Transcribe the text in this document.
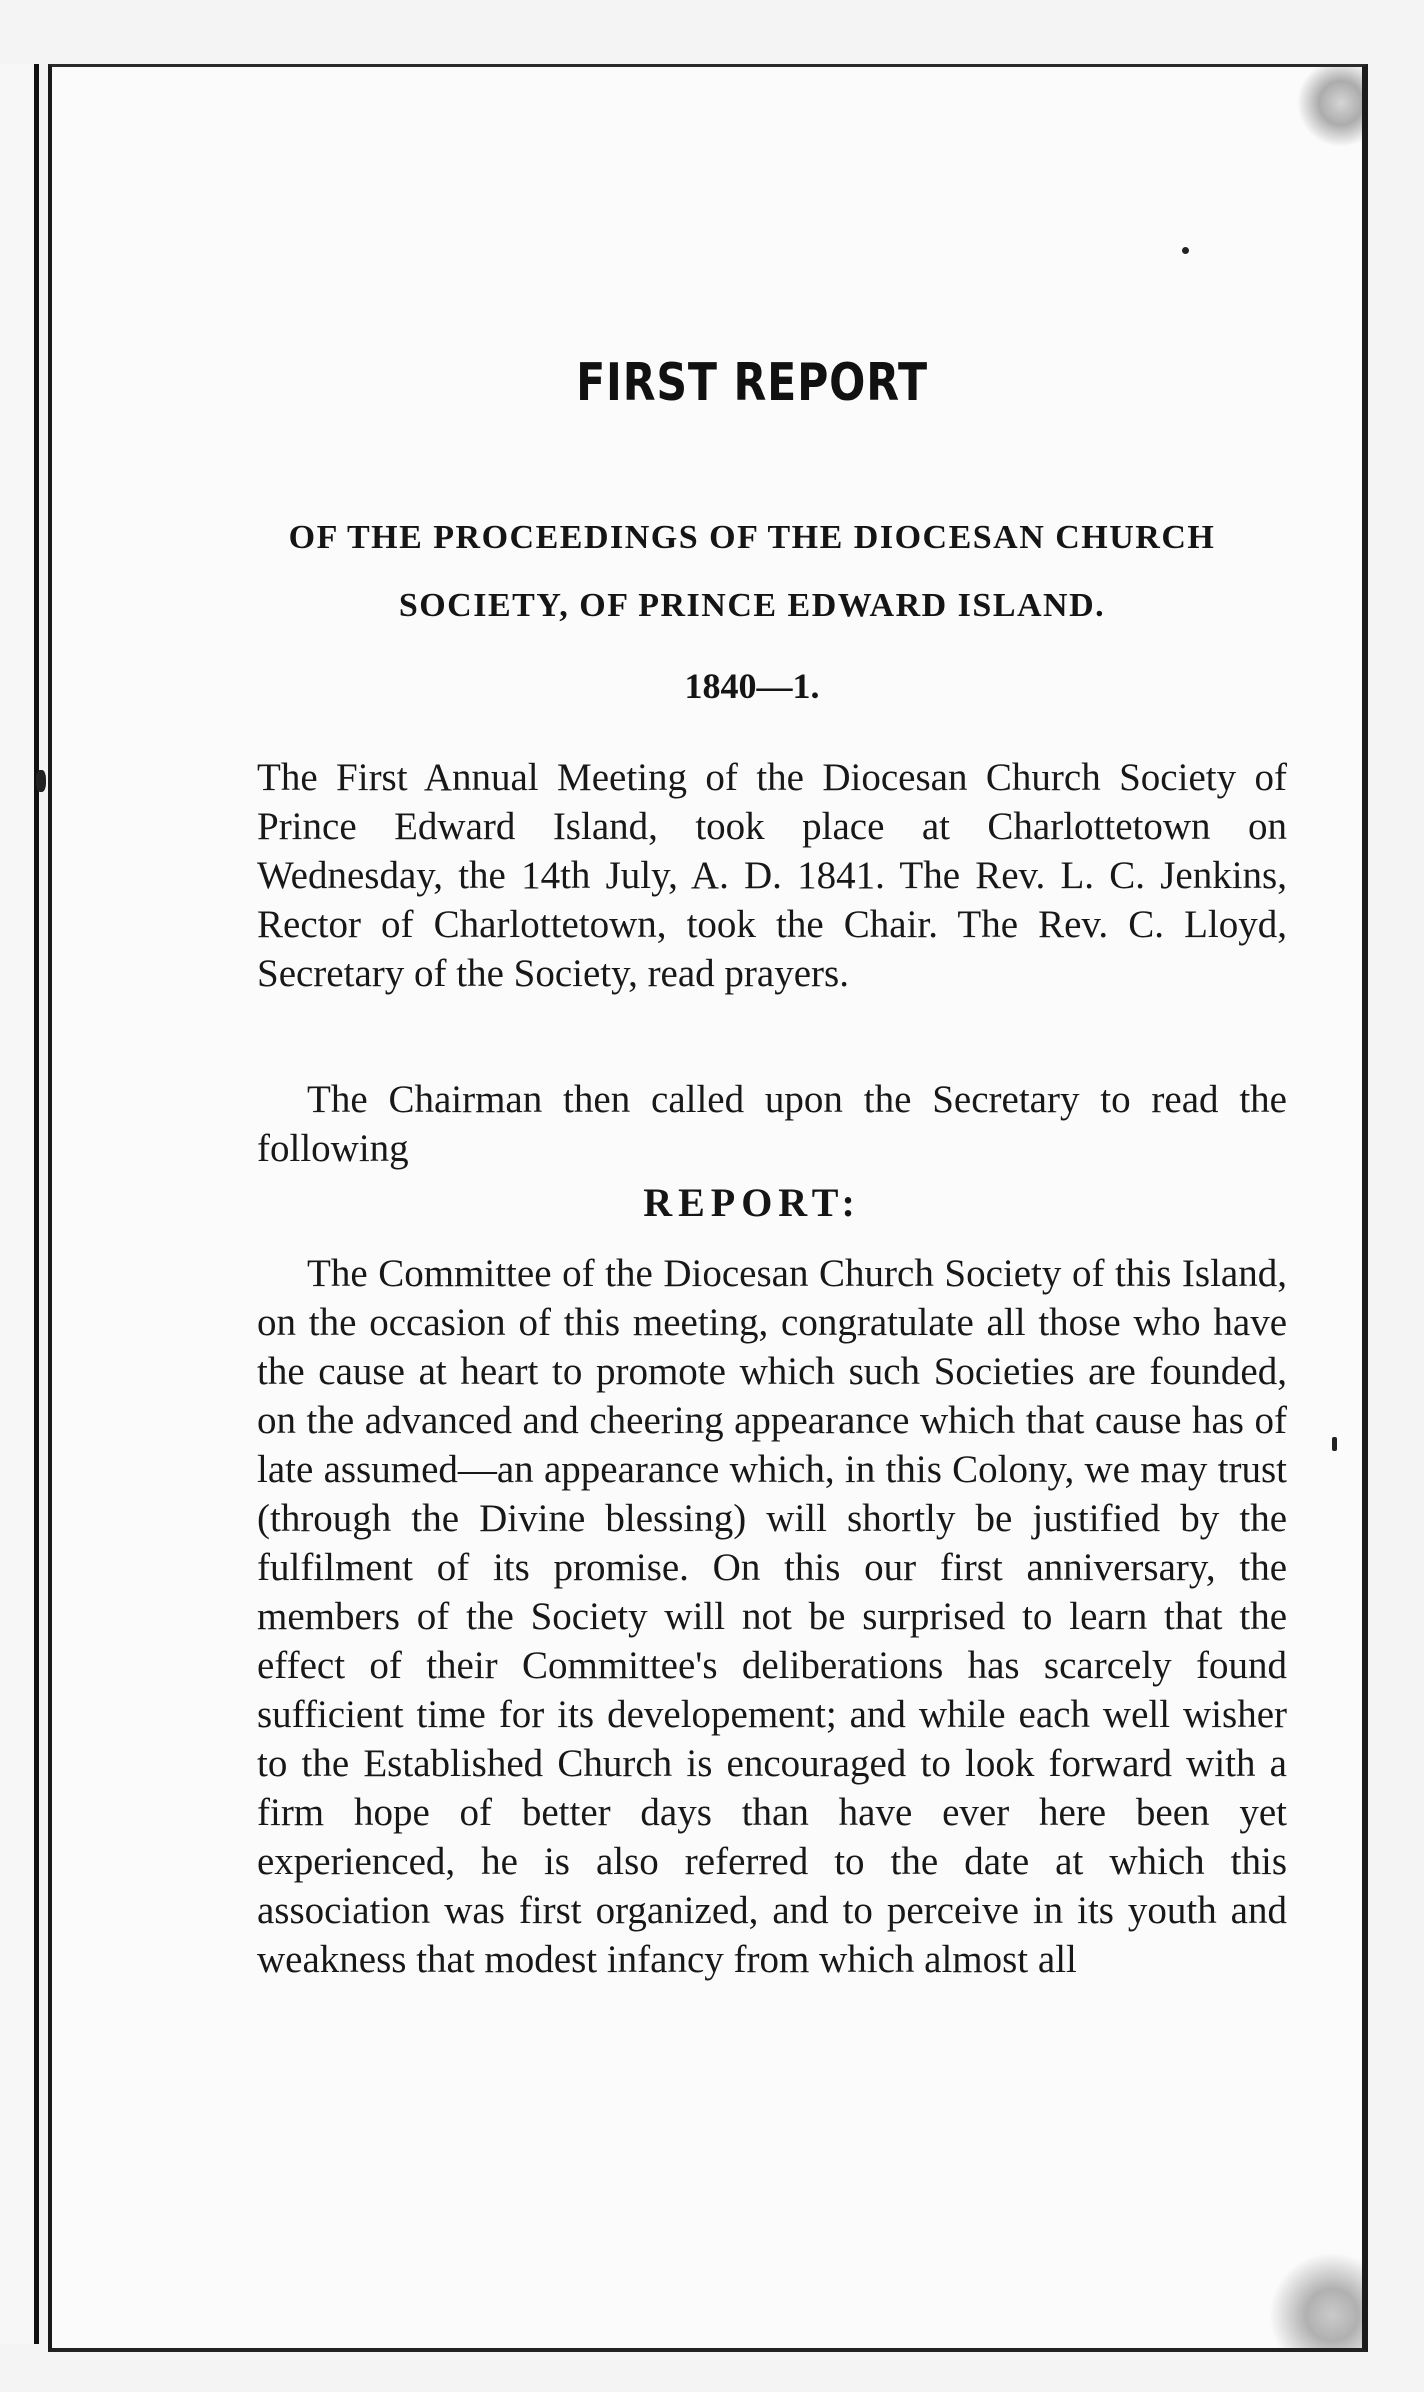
FIRST REPORT
OF THE PROCEEDINGS OF THE DIOCESAN CHURCH
SOCIETY, OF PRINCE EDWARD ISLAND.
1840—1.

The First Annual Meeting of the Diocesan Church Society of Prince Edward Island, took place at Charlottetown on Wednesday, the 14th July, A. D. 1841. The Rev. L. C. Jenkins, Rector of Charlottetown, took the Chair. The Rev. C. Lloyd, Secretary of the Society, read prayers.

The Chairman then called upon the Secretary to read the following

REPORT:

The Committee of the Diocesan Church Society of this Island, on the occasion of this meeting, congratulate all those who have the cause at heart to promote which such Societies are founded, on the advanced and cheering appearance which that cause has of late assumed—an appearance which, in this Colony, we may trust (through the Divine blessing) will shortly be justified by the fulfilment of its promise. On this our first anniversary, the members of the Society will not be surprised to learn that the effect of their Committee's deliberations has scarcely found sufficient time for its developement; and while each well wisher to the Established Church is encouraged to look forward with a firm hope of better days than have ever here been yet experienced, he is also referred to the date at which this association was first organized, and to perceive in its youth and weakness that modest infancy from which almost all
